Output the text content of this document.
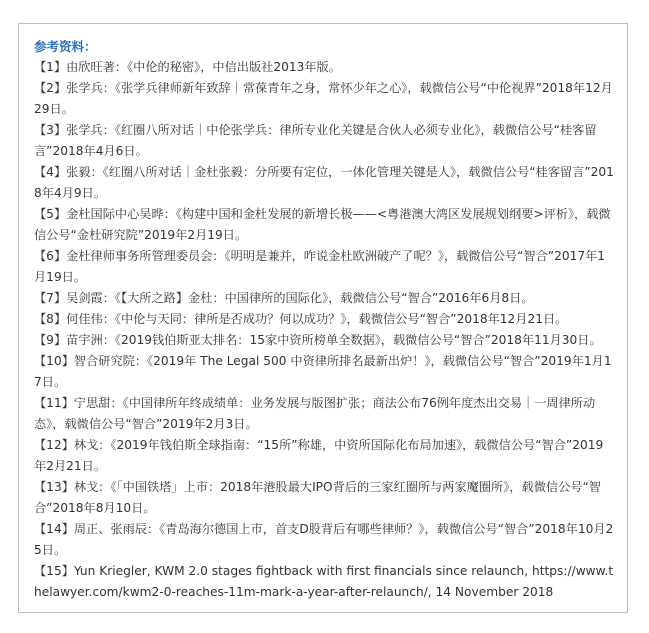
参考资料：
【1】由欣旺著：《中伦的秘密》，中信出版社2013年版。
【2】张学兵：《张学兵律师新年致辞｜常葆青年之身，常怀少年之心》，载微信公号“中伦视界”2018年12月29日。
【3】张学兵：《红圈八所对话｜中伦张学兵：律所专业化关键是合伙人必须专业化》，载微信公号“桂客留言”2018年4月6日。
【4】张毅：《红圈八所对话｜金杜张毅：分所要有定位，一体化管理关键是人》，载微信公号“桂客留言”2018年4月9日。
【5】金杜国际中心吴晔：《构建中国和金杜发展的新增长极——<粤港澳大湾区发展规划纲要>评析》，载微信公号“金杜研究院”2019年2月19日。
【6】金杜律师事务所管理委员会：《明明是兼并，咋说金杜欧洲破产了呢？》，载微信公号“智合”2017年1月19日。
【7】吴剑霞：《【大所之路】金杜：中国律所的国际化》，载微信公号“智合”2016年6月8日。
【8】何佳伟：《中伦与天同：律所是否成功？何以成功？》，载微信公号“智合”2018年12月21日。
【9】苗宇洲：《2019钱伯斯亚太排名：15家中资所榜单全数据》，载微信公号“智合”2018年11月30日。
【10】智合研究院：《2019年 The Legal 500 中资律所排名最新出炉！》，载微信公号“智合”2019年1月17日。
【11】宁思甜：《中国律所年终成绩单：业务发展与版图扩张；商法公布76例年度杰出交易｜一周律所动态》，载微信公号“智合”2019年2月3日。
【12】林戈：《2019年钱伯斯全球指南：“15所”称雄，中资所国际化布局加速》，载微信公号“智合”2019年2月21日。
【13】林戈：《「中国铁塔」上市：2018年港股最大IPO背后的三家红圈所与两家魔圈所》，载微信公号“智合”2018年8月10日。
【14】周正、张雨辰：《青岛海尔德国上市，首支D股背后有哪些律师？》，载微信公号“智合”2018年10月25日。
【15】Yun Kriegler, KWM 2.0 stages fightback with first financials since relaunch, https://www.thelawyer.com/kwm2-0-reaches-11m-mark-a-year-after-relaunch/, 14 November 2018
